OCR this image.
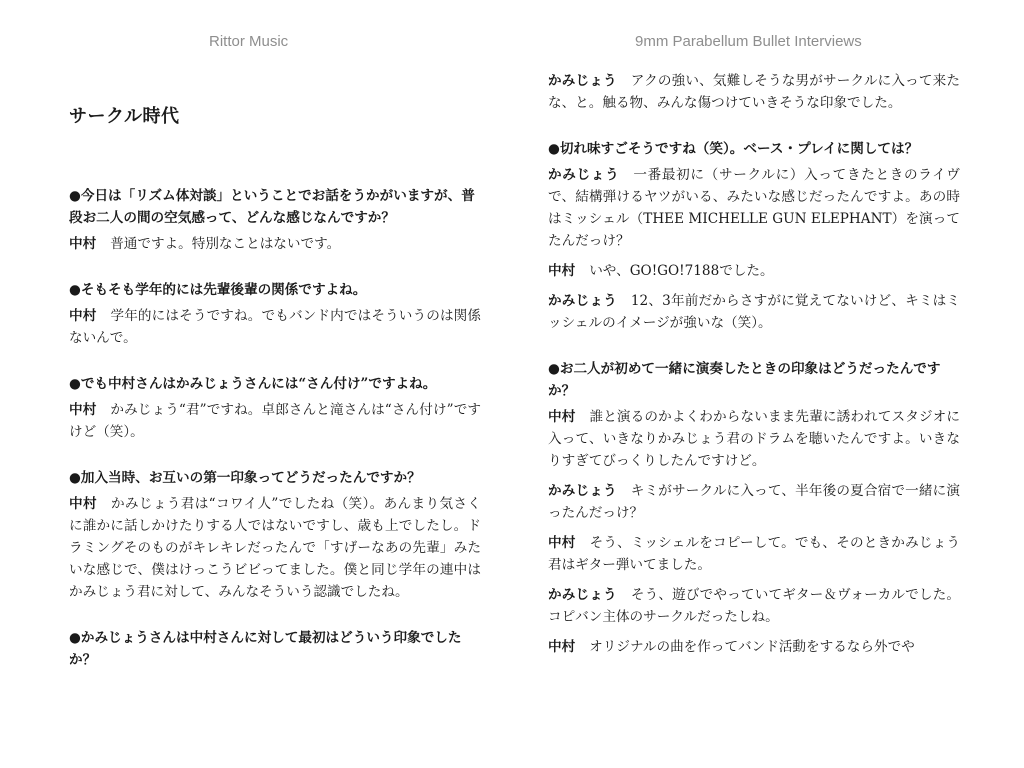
Rittor Music	9mm Parabellum Bullet Interviews
サークル時代

●今日は「リズム体対談」ということでお話をうかがいますが、普段お二人の間の空気感って、どんな感じなんですか？

中村 普通ですよ。特別なことはないです。

●そもそも学年的には先輩後輩の関係ですよね。

中村 学年的にはそうですね。でもバンド内ではそういうのは関係ないんで。

●でも中村さんはかみじょうさんには“さん付け”ですよね。

中村 かみじょう“君”ですね。卓郎さんと滝さんは“さん付け”ですけど（笑）。

●加入当時、お互いの第一印象ってどうだったんですか？

中村 かみじょう君は“コワイ人”でしたね（笑）。あんまり気さくに誰かに話しかけたりする人ではないですし、歳も上でしたし。ドラミングそのものがキレキレだったんで「すげーなあの先輩」みたいな感じで、僕はけっこうビビってました。僕と同じ学年の連中はかみじょう君に対して、みんなそういう認識でしたね。

●かみじょうさんは中村さんに対して最初はどういう印象でしたか？

かみじょう アクの強い、気難しそうな男がサークルに入って来たな、と。触る物、みんな傷つけていきそうな印象でした。

●切れ味すごそうですね（笑）。ベース・プレイに関しては？

かみじょう 一番最初に（サークルに）入ってきたときのライヴで、結構弾けるヤツがいる、みたいな感じだったんですよ。あの時はミッシェル（THEE MICHELLE GUN ELEPHANT）を演ってたんだっけ？

中村 いや、GO!GO!7188でした。

かみじょう 12、3年前だからさすがに覚えてないけど、キミはミッシェルのイメージが強いな（笑）。

●お二人が初めて一緒に演奏したときの印象はどうだったんですか？

中村 誰と演るのかよくわからないまま先輩に誘われてスタジオに入って、いきなりかみじょう君のドラムを聴いたんですよ。いきなりすぎてびっくりしたんですけど。

かみじょう キミがサークルに入って、半年後の夏合宿で一緒に演ったんだっけ？

中村 そう、ミッシェルをコピーして。でも、そのときかみじょう君はギター弾いてました。

かみじょう そう、遊びでやっていてギター＆ヴォーカルでした。コピバン主体のサークルだったしね。

中村 オリジナルの曲を作ってバンド活動をするなら外でや
